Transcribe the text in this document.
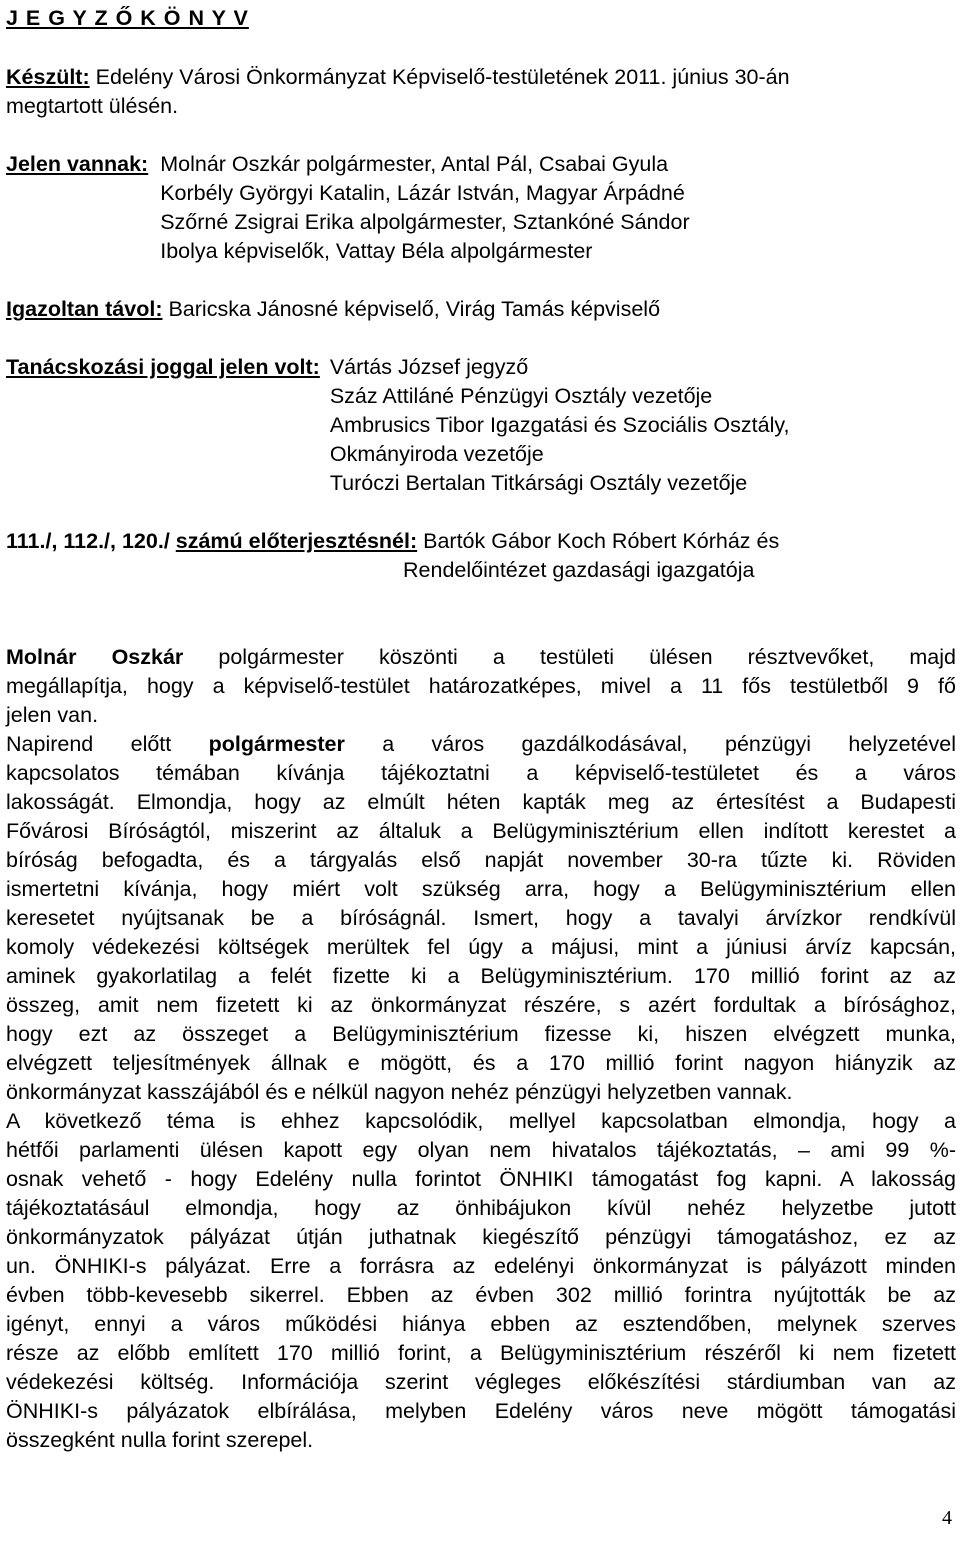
J E G Y Z Ő K Ö N Y V

Készült: Edelény Városi Önkormányzat Képviselő-testületének 2011. június 30-án

megtartott ülésén.

Jelen vannak: Molnár Oszkár polgármester, Antal Pál, Csabai Gyula
Korbély Györgyi Katalin, Lázár István, Magyar Árpádné
Szőrné Zsigrai Erika alpolgármester, Sztankóné Sándor
Ibolya képviselők, Vattay Béla alpolgármester

Igazoltan távol: Baricska Jánosné képviselő, Virág Tamás képviselő

Tanácskozási joggal jelen volt: Vártás József jegyző
Száz Attiláné Pénzügyi Osztály vezetője
Ambrusics Tibor Igazgatási és Szociális Osztály,
Okmányiroda vezetője
Turóczi Bertalan Titkársági Osztály vezetője

111./, 112./, 120./ számú előterjesztésnél: Bartók Gábor Koch Róbert Kórház és

Rendelőintézet gazdasági igazgatója

Molnár Oszkár polgármester köszönti a testületi ülésen résztvevőket, majd

megállapítja, hogy a képviselő-testület határozatképes, mivel a 11 fős testületből 9 fő

jelen van.

Napirend előtt polgármester a város gazdálkodásával, pénzügyi helyzetével

kapcsolatos témában kívánja tájékoztatni a képviselő-testületet és a város

lakosságát. Elmondja, hogy az elmúlt héten kapták meg az értesítést a Budapesti

Fővárosi Bíróságtól, miszerint az általuk a Belügyminisztérium ellen indított kerestet a

bíróság befogadta, és a tárgyalás első napját november 30-ra tűzte ki. Röviden

ismertetni kívánja, hogy miért volt szükség arra, hogy a Belügyminisztérium ellen

keresetet nyújtsanak be a bíróságnál. Ismert, hogy a tavalyi árvízkor rendkívül

komoly védekezési költségek merültek fel úgy a májusi, mint a júniusi árvíz kapcsán,

aminek gyakorlatilag a felét fizette ki a Belügyminisztérium. 170 millió forint az az

összeg, amit nem fizetett ki az önkormányzat részére, s azért fordultak a bírósághoz,

hogy ezt az összeget a Belügyminisztérium fizesse ki, hiszen elvégzett munka,

elvégzett teljesítmények állnak e mögött, és a 170 millió forint nagyon hiányzik az

önkormányzat kasszájából és e nélkül nagyon nehéz pénzügyi helyzetben vannak.

A következő téma is ehhez kapcsolódik, mellyel kapcsolatban elmondja, hogy a

hétfői parlamenti ülésen kapott egy olyan nem hivatalos tájékoztatás, – ami 99 %-

osnak vehető - hogy Edelény nulla forintot ÖNHIKI támogatást fog kapni. A lakosság

tájékoztatásául elmondja, hogy az önhibájukon kívül nehéz helyzetbe jutott

önkormányzatok pályázat útján juthatnak kiegészítő pénzügyi támogatáshoz, ez az

un. ÖNHIKI-s pályázat. Erre a forrásra az edelényi önkormányzat is pályázott minden

évben több-kevesebb sikerrel. Ebben az évben 302 millió forintra nyújtották be az

igényt, ennyi a város működési hiánya ebben az esztendőben, melynek szerves

része az előbb említett 170 millió forint, a Belügyminisztérium részéről ki nem fizetett

védekezési költség. Információja szerint végleges előkészítési stárdiumban van az

ÖNHIKI-s pályázatok elbírálása, melyben Edelény város neve mögött támogatási

összegként nulla forint szerepel.

4
